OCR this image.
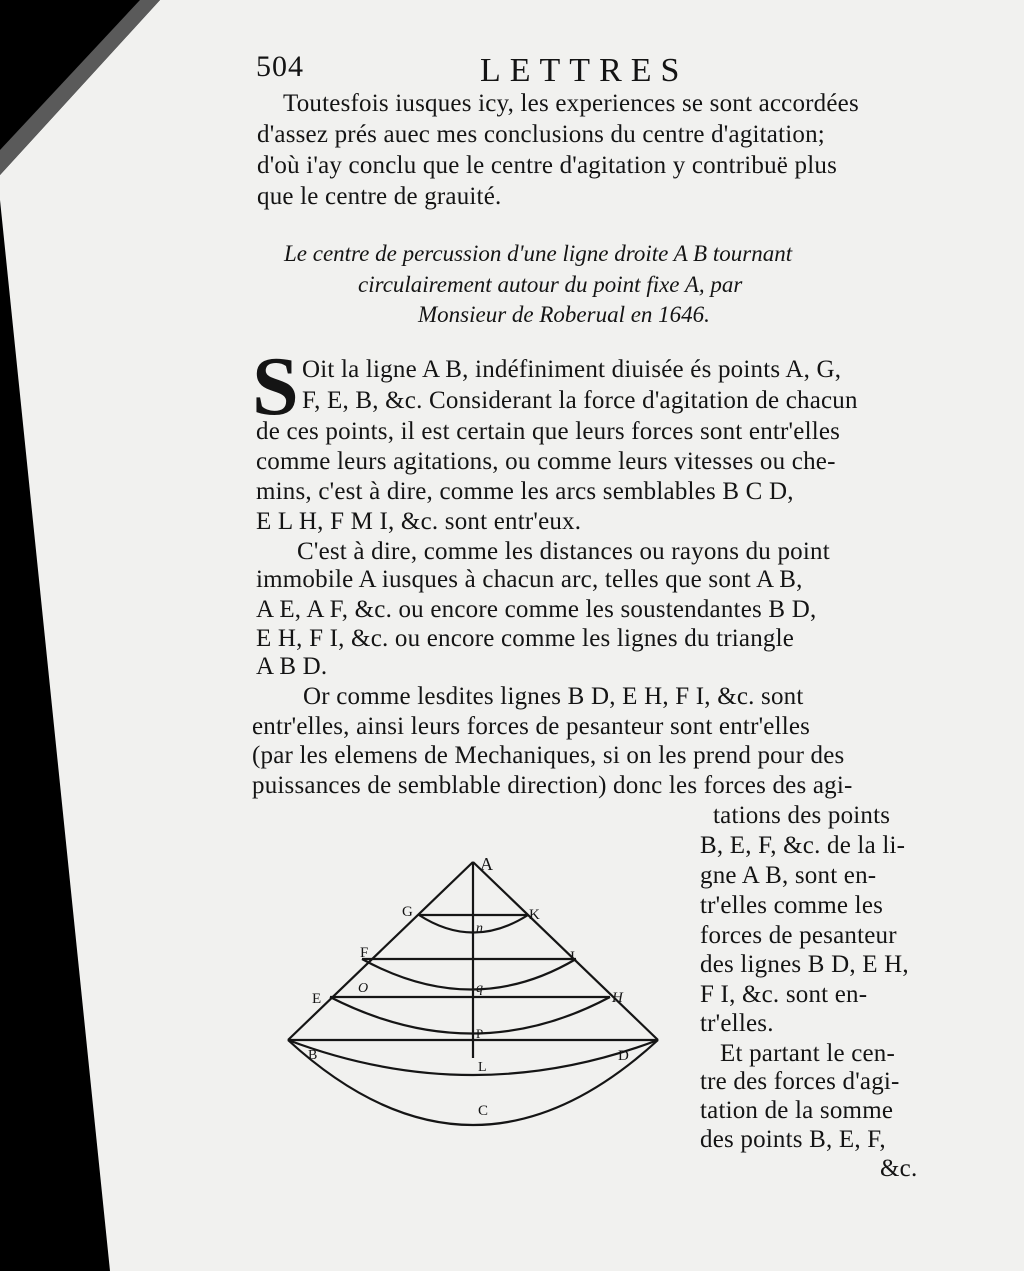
504	LETTRES
Toutesfois iusques icy, les experiences se sont accordées
d'assez prés auec mes conclusions du centre d'agitation;
d'où i'ay conclu que le centre d'agitation y contribuë plus
que le centre de grauité.
Le centre de percussion d'une ligne droite A B tournant
circulairement autour du point fixe A, par
Monsieur de Roberual en 1646.
S Oit la ligne A B, indéfiniment diuisée és points A, G,
F, E, B, &c. Considerant la force d'agitation de chacun
de ces points, il est certain que leurs forces sont entr'elles
comme leurs agitations, ou comme leurs vitesses ou che-
mins, c'est à dire, comme les arcs semblables B C D,
E L H, F M I, &c. sont entr'eux.
C'est à dire, comme les distances ou rayons du point
immobile A iusques à chacun arc, telles que sont A B,
A E, A F, &c. ou encore comme les soustendantes B D,
E H, F I, &c. ou encore comme les lignes du triangle
A B D.
Or comme lesdites lignes B D, E H, F I, &c. sont
entr'elles, ainsi leurs forces de pesanteur sont entr'elles
(par les elemens de Mechaniques, si on les prend pour des
puissances de semblable direction) donc les forces des agi-
tations des points
B, E, F, &c. de la li-
gne A B, sont en-
tr'elles comme les
forces de pesanteur
des lignes B D, E H,
F I, &c. sont en-
tr'elles.
Et partant le cen-
tre des forces d'agi-
tation de la somme
des points B, E, F,
&c.
A
G	K
n
F	I
E
O	q
H
P
B	D
L
C
